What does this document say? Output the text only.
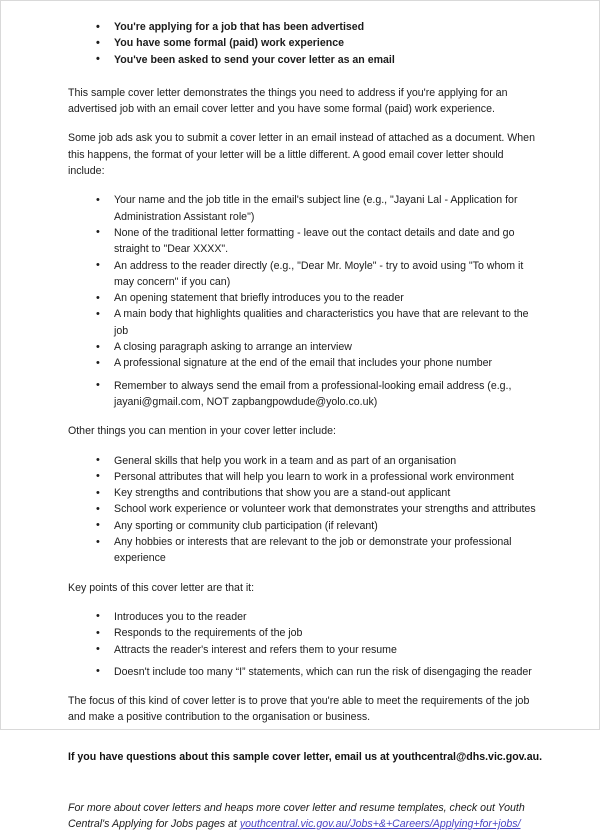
• You're applying for a job that has been advertised
• You have some formal (paid) work experience
• You've been asked to send your cover letter as an email

This sample cover letter demonstrates the things you need to address if you're applying for an advertised job with an email cover letter and you have some formal (paid) work experience.

Some job ads ask you to submit a cover letter in an email instead of attached as a document. When this happens, the format of your letter will be a little different. A good email cover letter should include:

• Your name and the job title in the email's subject line (e.g., "Jayani Lal - Application for Administration Assistant role")
• None of the traditional letter formatting - leave out the contact details and date and go straight to "Dear XXXX".
• An address to the reader directly (e.g., "Dear Mr. Moyle" - try to avoid using "To whom it may concern" if you can)
• An opening statement that briefly introduces you to the reader
• A main body that highlights qualities and characteristics you have that are relevant to the job
• A closing paragraph asking to arrange an interview
• A professional signature at the end of the email that includes your phone number
• Remember to always send the email from a professional-looking email address (e.g., jayani@gmail.com, NOT zapbangpowdude@yolo.co.uk)

Other things you can mention in your cover letter include:

• General skills that help you work in a team and as part of an organisation
• Personal attributes that will help you learn to work in a professional work environment
• Key strengths and contributions that show you are a stand-out applicant
• School work experience or volunteer work that demonstrates your strengths and attributes
• Any sporting or community club participation (if relevant)
• Any hobbies or interests that are relevant to the job or demonstrate your professional experience

Key points of this cover letter are that it:

• Introduces you to the reader
• Responds to the requirements of the job
• Attracts the reader's interest and refers them to your resume
• Doesn't include too many “I” statements, which can run the risk of disengaging the reader

The focus of this kind of cover letter is to prove that you're able to meet the requirements of the job and make a positive contribution to the organisation or business.

If you have questions about this sample cover letter, email us at youthcentral@dhs.vic.gov.au.

For more about cover letters and heaps more cover letter and resume templates, check out Youth Central's Applying for Jobs pages at youthcentral.vic.gov.au/Jobs+&+Careers/Applying+for+jobs/
